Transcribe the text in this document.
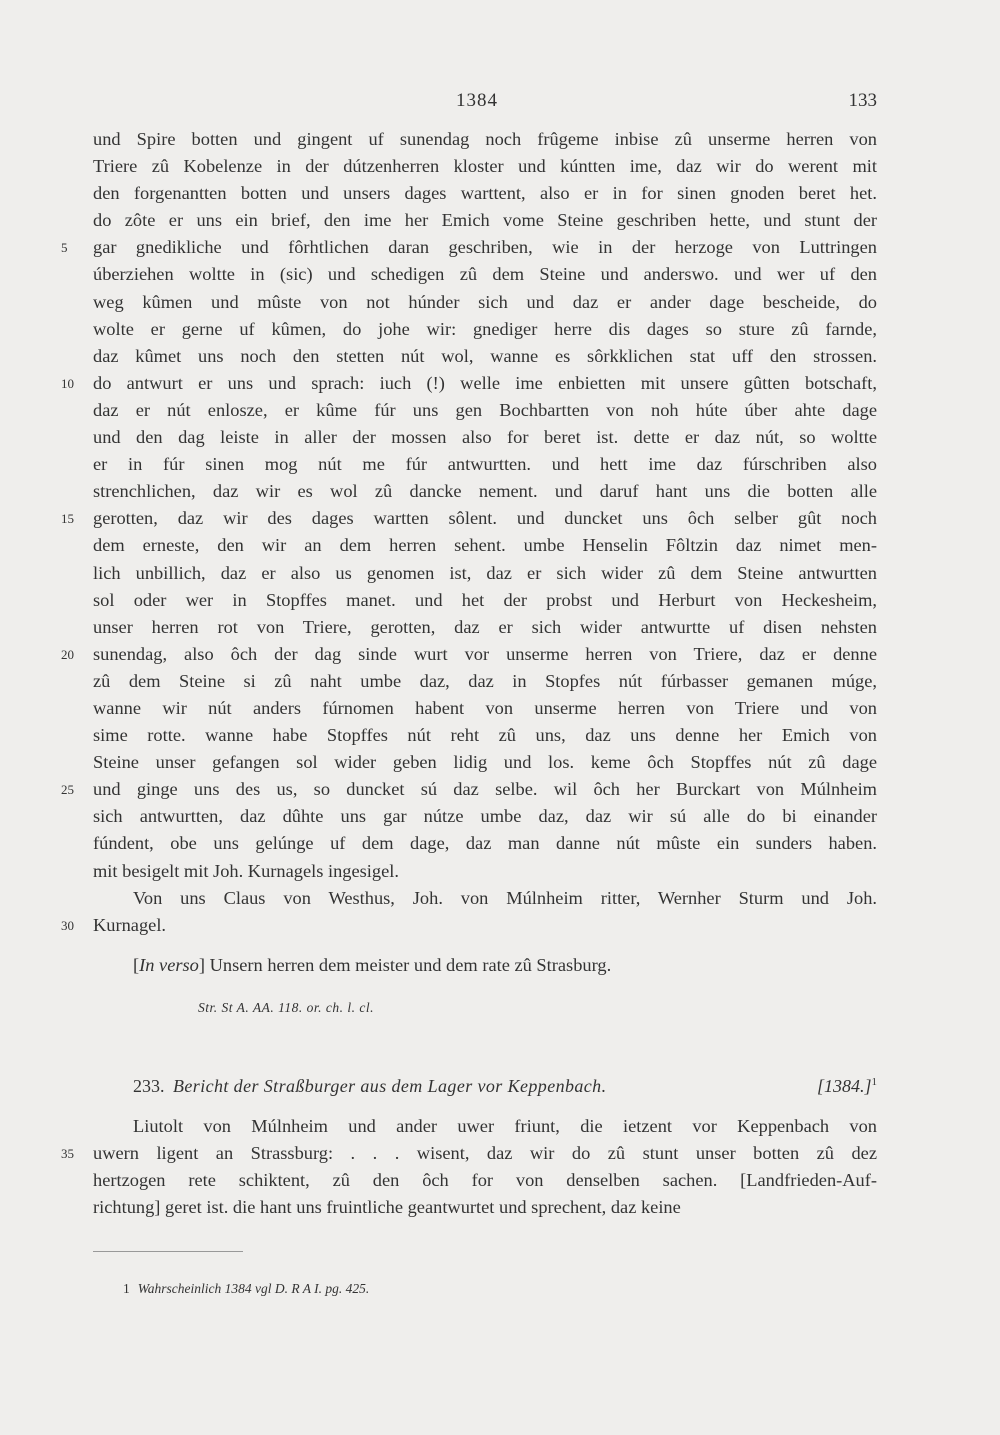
1384	133
und Spire botten und gingent uf sunendag noch frûgeme inbise zû unserme herren von
Triere zû Kobelenze in der dútzenherren kloster und kúntten ime, daz wir do werent mit
den forgenantten botten und unsers dages warttent, also er in for sinen gnoden beret het.
do zôte er uns ein brief, den ime her Emich vome Steine geschriben hette, und stunt der
5	gar gnedikliche und fôrhtlichen daran geschriben, wie in der herzoge von Luttringen
úberziehen woltte in (sic) und schedigen zû dem Steine und anderswo. und wer uf den
weg kûmen und mûste von not húnder sich und daz er ander dage bescheide, do
wolte er gerne uf kûmen, do johe wir: gnediger herre dis dages so sture zû farnde,
daz kûmet uns noch den stetten nút wol, wanne es sôrkklichen stat uff den strossen.
10	do antwurt er uns und sprach: iuch (!) welle ime enbietten mit unsere gûtten botschaft,
daz er nút enlosze, er kûme fúr uns gen Bochbartten von noh húte úber ahte dage
und den dag leiste in aller der mossen also for beret ist. dette er daz nút, so woltte
er in fúr sinen mog nút me fúr antwurtten. und hett ime daz fúrschriben also
strenchlichen, daz wir es wol zû dancke nement. und daruf hant uns die botten alle
15	gerotten, daz wir des dages wartten sôlent. und duncket uns ôch selber gût noch
dem erneste, den wir an dem herren sehent. umbe Henselin Fôltzin daz nimet men-
lich unbillich, daz er also us genomen ist, daz er sich wider zû dem Steine antwurtten
sol oder wer in Stopffes manet. und het der probst und Herburt von Heckesheim,
unser herren rot von Triere, gerotten, daz er sich wider antwurtte uf disen nehsten
20	sunendag, also ôch der dag sinde wurt vor unserme herren von Triere, daz er denne
zû dem Steine si zû naht umbe daz, daz in Stopfes nút fúrbasser gemanen múge,
wanne wir nút anders fúrnomen habent von unserme herren von Triere und von
sime rotte. wanne habe Stopffes nút reht zû uns, daz uns denne her Emich von
Steine unser gefangen sol wider geben lidig und los. keme ôch Stopffes nút zû dage
25	und ginge uns des us, so duncket sú daz selbe. wil ôch her Burckart von Múlnheim
sich antwurtten, daz dûhte uns gar nútze umbe daz, daz wir sú alle do bi einander
fúndent, obe uns gelúnge uf dem dage, daz man danne nút mûste ein sunders haben.
mit besigelt mit Joh. Kurnagels ingesigel.
Von uns Claus von Westhus, Joh. von Múlnheim ritter, Wernher Sturm und Joh.
30	Kurnagel.
[In verso] Unsern herren dem meister und dem rate zû Strasburg.
Str. St A. AA. 118. or. ch. l. cl.
233. Bericht der Straßburger aus dem Lager vor Keppenbach.	$[1384.]^1$
Liutolt von Múlnheim und ander uwer friunt, die ietzent vor Keppenbach von
35	uwern ligent an Strassburg: . . . wisent, daz wir do zû stunt unser botten zû dez
hertzogen rete schiktent, zû den ôch for von denselben sachen. [Landfrieden-Auf-
richtung] geret ist. die hant uns fruintliche geantwurtet und sprechent, daz keine
1 Wahrscheinlich 1384 vgl D. R A I. pg. 425.
